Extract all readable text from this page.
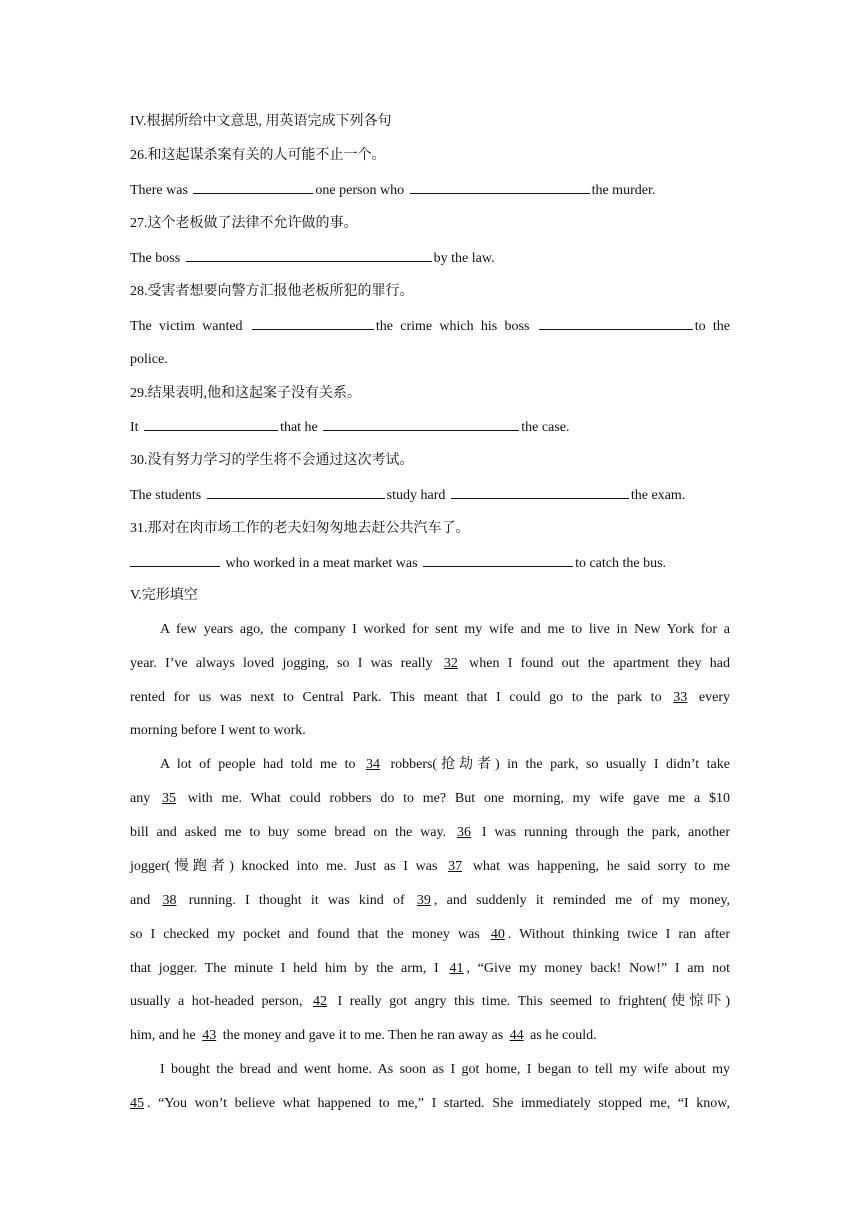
IV.根据所给中文意思, 用英语完成下列各句
26.和这起谋杀案有关的人可能不止一个。
There was	one person who	the murder.
27.这个老板做了法律不允许做的事。
The boss	by the law.
28.受害者想要向警方汇报他老板所犯的罪行。
The victim wanted	the crime which his boss	to the
police.
29.结果表明,他和这起案子没有关系。
It	that he	the case.
30.没有努力学习的学生将不会通过这次考试。
The students	study hard	the exam.
31.那对在肉市场工作的老夫妇匆匆地去赶公共汽车了。
who worked in a meat market was	to catch the bus.
V.完形填空
A few years ago, the company I worked for sent my wife and me to live in New York for a
year. I’ve always loved jogging, so I was really 32 when I found out the apartment they had
rented for us was next to Central Park. This meant that I could go to the park to 33 every
morning before I went to work.
A lot of people had told me to 34 robbers(抢劫者) in the park, so usually I didn’t take
any 35 with me. What could robbers do to me? But one morning, my wife gave me a $10
bill and asked me to buy some bread on the way. 36 I was running through the park, another
jogger(慢跑者) knocked into me. Just as I was 37 what was happening, he said sorry to me
and 38 running. I thought it was kind of 39 , and suddenly it reminded me of my money,
so I checked my pocket and found that the money was 40 . Without thinking twice I ran after
that jogger. The minute I held him by the arm, I 41 , “Give my money back! Now!” I am not
usually a hot-headed person, 42 I really got angry this time. This seemed to frighten(使惊吓)
him, and he 43 the money and gave it to me. Then he ran away as 44 as he could.
I bought the bread and went home. As soon as I got home, I began to tell my wife about my
45 . “You won’t believe what happened to me,” I started. She immediately stopped me, “I know,
